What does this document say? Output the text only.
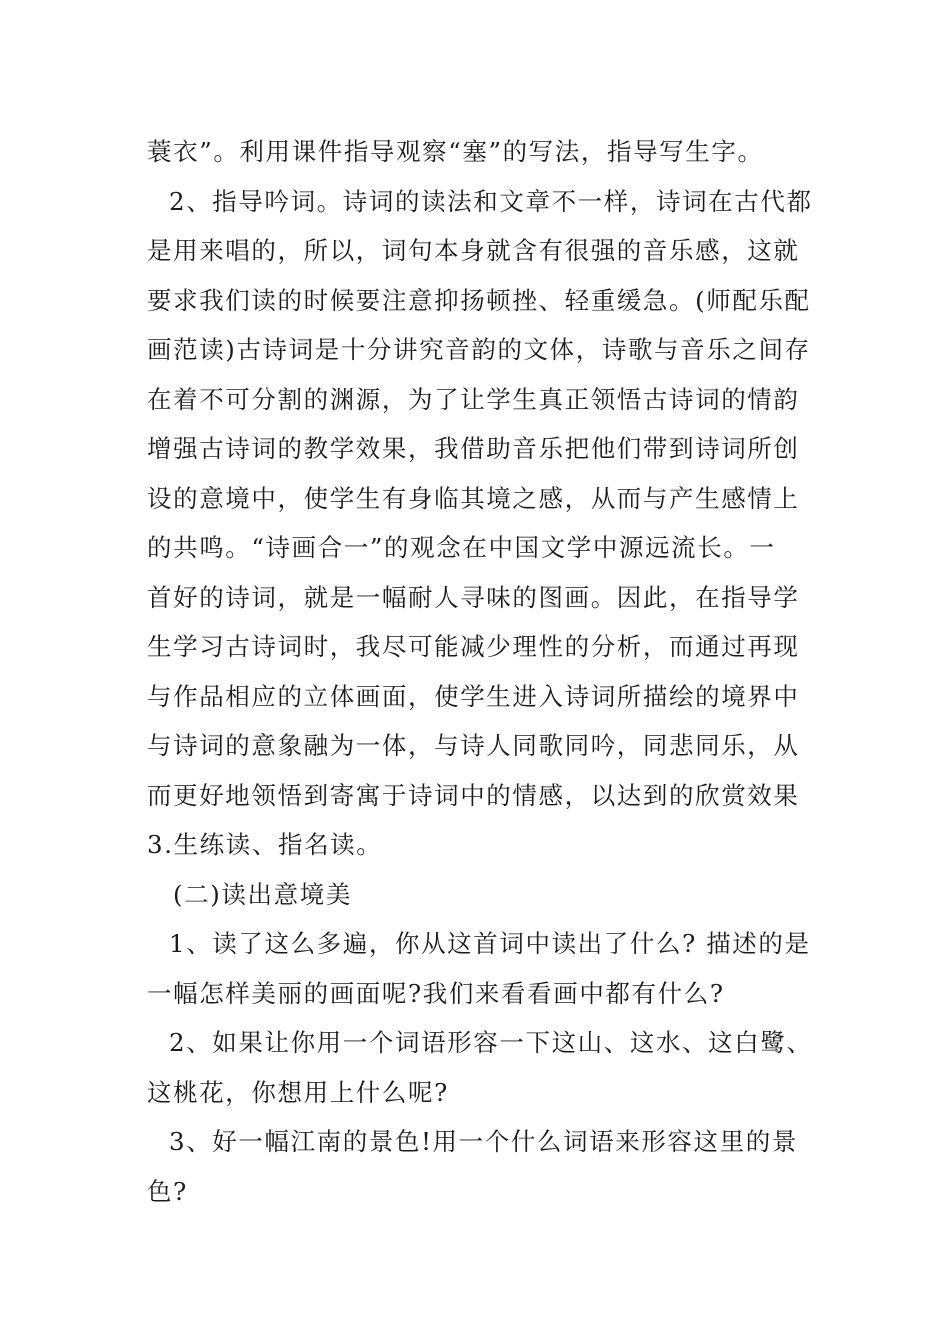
蓑衣”。利用课件指导观察“塞”的写法，指导写生字。
2、指导吟词。诗词的读法和文章不一样，诗词在古代都
是用来唱的，所以，词句本身就含有很强的音乐感，这就
要求我们读的时候要注意抑扬顿挫、轻重缓急。(师配乐配
画范读)古诗词是十分讲究音韵的文体，诗歌与音乐之间存
在着不可分割的渊源，为了让学生真正领悟古诗词的情韵
增强古诗词的教学效果，我借助音乐把他们带到诗词所创
设的意境中，使学生有身临其境之感，从而与产生感情上
的共鸣。“诗画合一”的观念在中国文学中源远流长。一
首好的诗词，就是一幅耐人寻味的图画。因此，在指导学
生学习古诗词时，我尽可能减少理性的分析，而通过再现
与作品相应的立体画面，使学生进入诗词所描绘的境界中
与诗词的意象融为一体，与诗人同歌同吟，同悲同乐，从
而更好地领悟到寄寓于诗词中的情感，以达到的欣赏效果
3.生练读、指名读。
(二)读出意境美
1、读了这么多遍，你从这首词中读出了什么? 描述的是
一幅怎样美丽的画面呢?我们来看看画中都有什么?
2、如果让你用一个词语形容一下这山、这水、这白鹭、
这桃花，你想用上什么呢?
3、好一幅江南的景色!用一个什么词语来形容这里的景
色?
